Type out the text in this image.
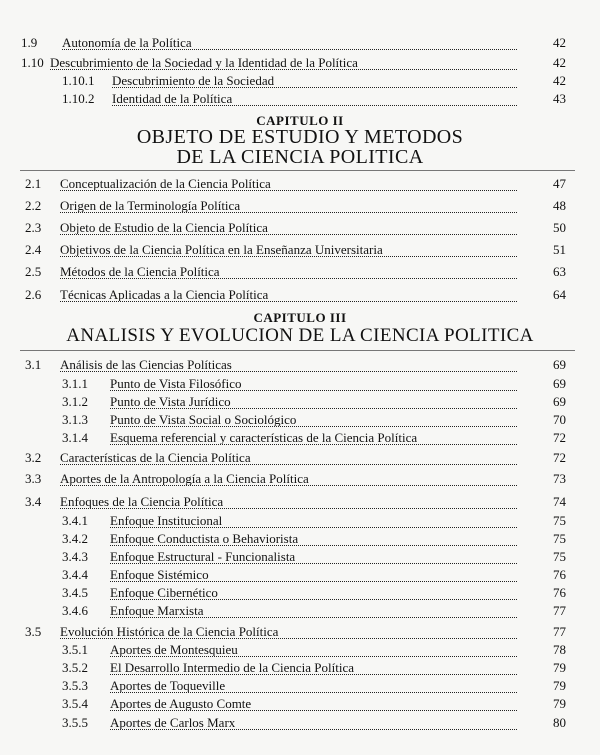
1.9 Autonomía de la Política	42
1.10 Descubrimiento de la Sociedad y la Identidad de la Política	42
1.10.1 Descubrimiento de la Sociedad	42
1.10.2 Identidad de la Política	43
CAPITULO II
OBJETO DE ESTUDIO Y METODOS
DE LA CIENCIA POLITICA
2.1 Conceptualización de la Ciencia Política	47
2.2 Origen de la Terminología Política	48
2.3 Objeto de Estudio de la Ciencia Política	50
2.4 Objetivos de la Ciencia Política en la Enseñanza Universitaria	51
2.5 Métodos de la Ciencia Política	63
2.6 Técnicas Aplicadas a la Ciencia Política	64
CAPITULO III
ANALISIS Y EVOLUCION DE LA CIENCIA POLITICA
3.1 Análisis de las Ciencias Políticas	69
3.1.1 Punto de Vista Filosófico	69
3.1.2 Punto de Vista Jurídico	69
3.1.3 Punto de Vista Social o Sociológico	70
3.1.4 Esquema referencial y características de la Ciencia Política	72
3.2 Características de la Ciencia Política	72
3.3 Aportes de la Antropología a la Ciencia Política	73
3.4 Enfoques de la Ciencia Política	74
3.4.1 Enfoque Institucional	75
3.4.2 Enfoque Conductista o Behaviorista	75
3.4.3 Enfoque Estructural - Funcionalista	75
3.4.4 Enfoque Sistémico	76
3.4.5 Enfoque Cibernético	76
3.4.6 Enfoque Marxista	77
3.5 Evolución Histórica de la Ciencia Política	77
3.5.1 Aportes de Montesquieu	78
3.5.2 El Desarrollo Intermedio de la Ciencia Política	79
3.5.3 Aportes de Toqueville	79
3.5.4 Aportes de Augusto Comte	79
3.5.5 Aportes de Carlos Marx	80
